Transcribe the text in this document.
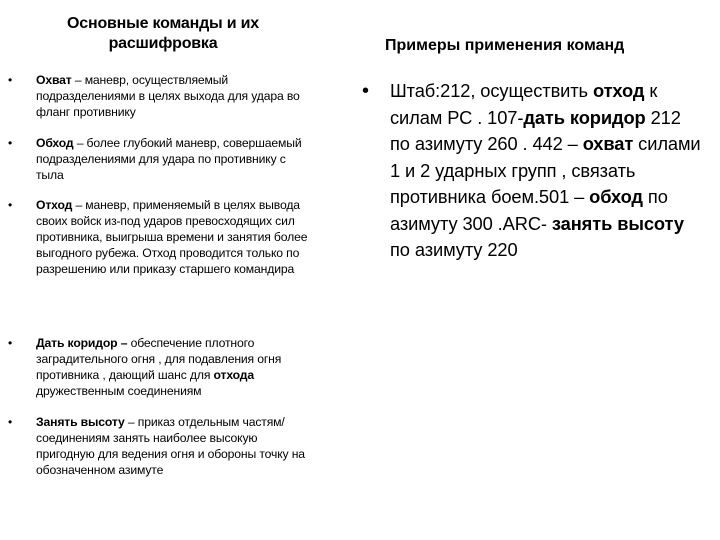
Основные команды и их
расшифровка
• Охват – маневр, осуществляемый подразделениями в целях выхода для удара во фланг противнику
• Обход – более глубокий маневр, совершаемый подразделениями для удара по противнику с тыла
• Отход – маневр, применяемый в целях вывода своих войск из-под ударов превосходящих сил противника, выигрыша времени и занятия более выгодного рубежа. Отход проводится только по разрешению или приказу старшего командира
• Дать коридор – обеспечение плотного заградительного огня , для подавления огня противника , дающий шанс для отхода дружественным соединениям
• Занять высоту – приказ отдельным частям/соединениям занять наиболее высокую пригодную для ведения огня и обороны точку на обозначенном азимуте
Примеры применения команд
• Штаб:212, осуществить отход к силам РС . 107-дать коридор 212 по азимуту 260 . 442 – охват силами 1 и 2 ударных групп , связать противника боем.501 – обход по азимуту 300 .ARC- занять высоту по азимуту 220
